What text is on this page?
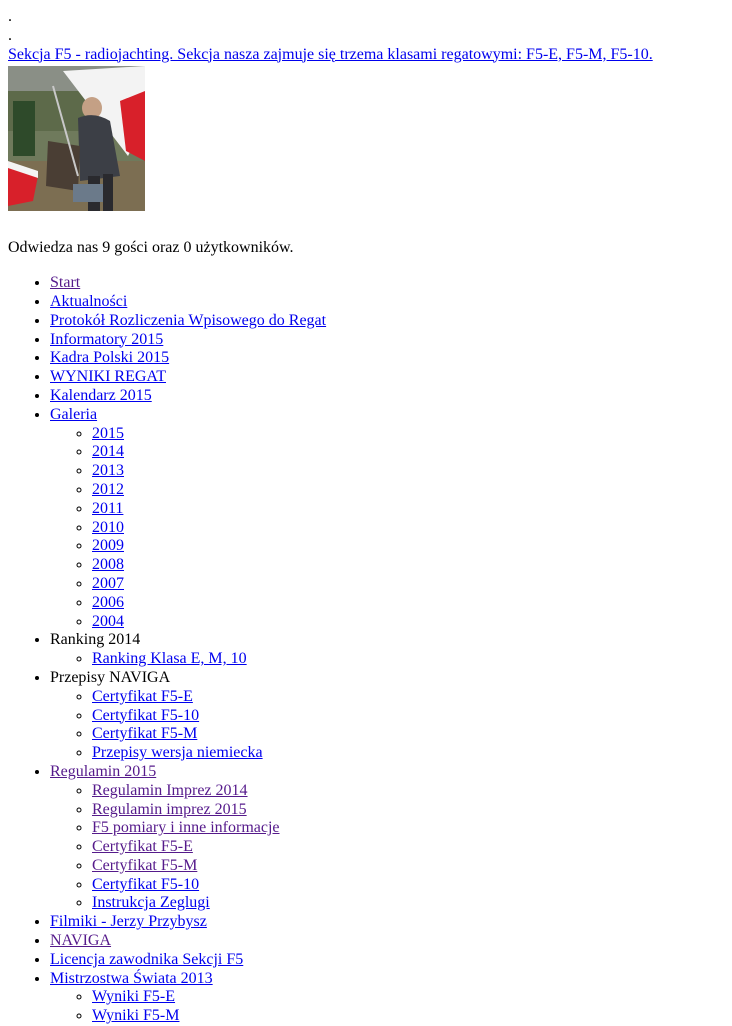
.
.
Sekcja F5 - radiojachting. Sekcja nasza zajmuje się trzema klasami regatowymi: F5-E, F5-M, F5-10.

Odwiedza nas 9 gości oraz 0 użytkowników.

• Start
• Aktualności
• Protokół Rozliczenia Wpisowego do Regat
• Informatory 2015
• Kadra Polski 2015
• WYNIKI REGAT
• Kalendarz 2015
• Galeria
◦ 2015
◦ 2014
◦ 2013
◦ 2012
◦ 2011
◦ 2010
◦ 2009
◦ 2008
◦ 2007
◦ 2006
◦ 2004
• Ranking 2014
◦ Ranking Klasa E, M, 10
• Przepisy NAVIGA
◦ Certyfikat F5-E
◦ Certyfikat F5-10
◦ Certyfikat F5-M
◦ Przepisy wersja niemiecka
• Regulamin 2015
◦ Regulamin Imprez 2014
◦ Regulamin imprez 2015
◦ F5 pomiary i inne informacje
◦ Certyfikat F5-E
◦ Certyfikat F5-M
◦ Certyfikat F5-10
◦ Instrukcja Zeglugi
• Filmiki - Jerzy Przybysz
• NAVIGA
• Licencja zawodnika Sekcji F5
• Mistrzostwa Świata 2013
◦ Wyniki F5-E
◦ Wyniki F5-M
